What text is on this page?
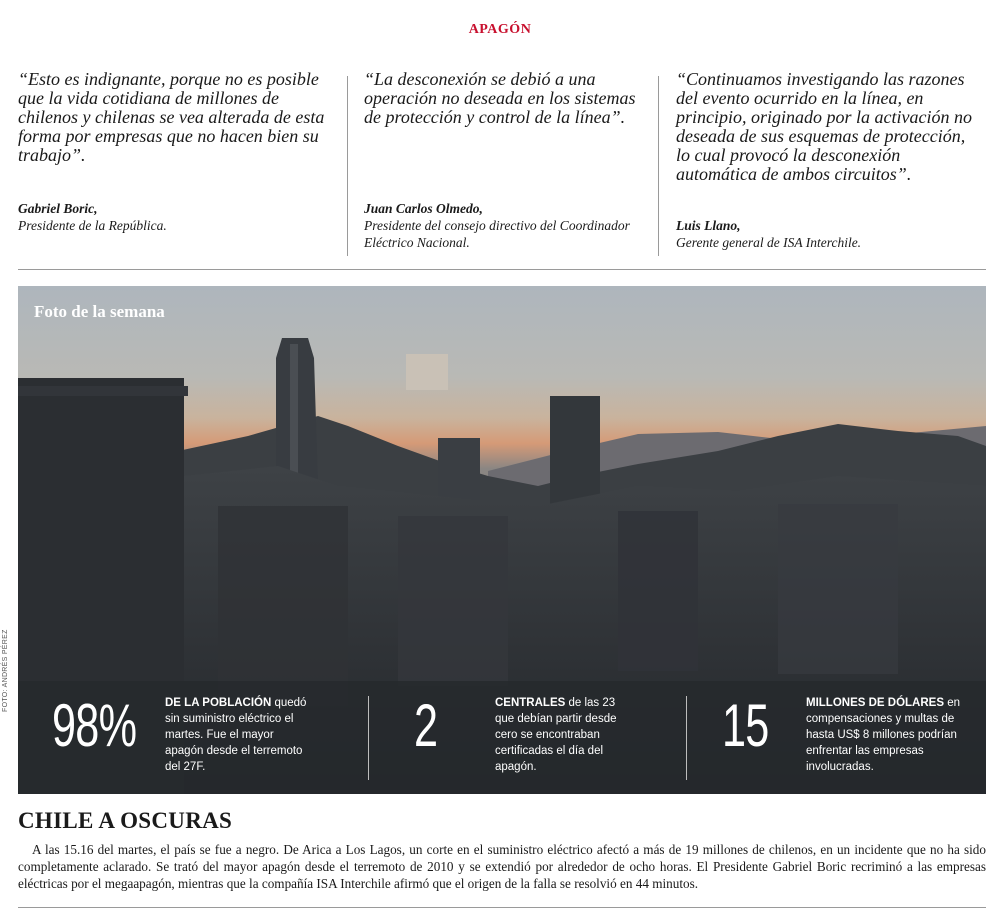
APAGÓN

“Esto es indignante, porque no es posible que la vida cotidiana de millones de chilenos y chilenas se vea alterada de esta forma por empresas que no hacen bien su trabajo”.

Gabriel Boric,
Presidente de la República.

“La desconexión se debió a una operación no deseada en los sistemas de protección y control de la línea”.

Juan Carlos Olmedo,
Presidente del consejo directivo del Coordinador Eléctrico Nacional.

“Continuamos investigando las razones del evento ocurrido en la línea, en principio, originado por la activación no deseada de sus esquemas de protección, lo cual provocó la desconexión automática de ambos circuitos”.

Luis Llano,
Gerente general de ISA Interchile.
Foto de la semana
98% DE LA POBLACIÓN quedó sin suministro eléctrico el martes. Fue el mayor apagón desde el terremoto del 27F.
2	CENTRALES de las 23 que debían partir desde cero se encontraban certificadas el día del apagón.
15	MILLONES DE DÓLARES en compensaciones y multas de hasta US$ 8 millones podrían enfrentar las empresas involucradas.
FOTO: ANDRÉS PÉREZ
CHILE A OSCURAS

A las 15.16 del martes, el país se fue a negro. De Arica a Los Lagos, un corte en el suministro eléctrico afectó a más de 19 millones de chilenos, en un incidente que no ha sido completamente aclarado. Se trató del mayor apagón desde el terremoto de 2010 y se extendió por alrededor de ocho horas. El Presidente Gabriel Boric recriminó a las empresas eléctricas por el megaapagón, mientras que la compañía ISA Interchile afirmó que el origen de la falla se resolvió en 44 minutos.
